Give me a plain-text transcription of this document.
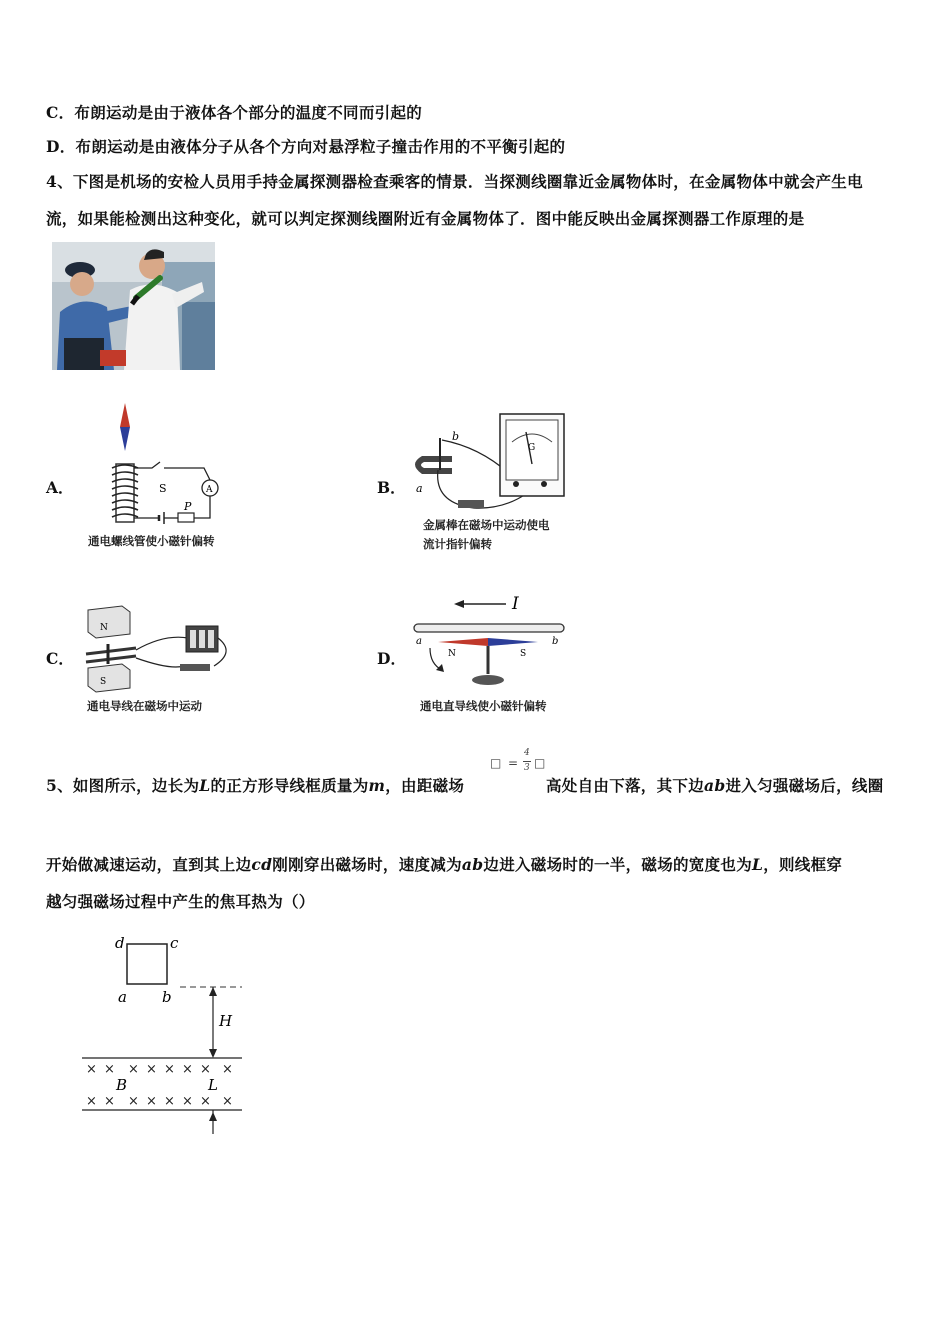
C．布朗运动是由于液体各个部分的温度不同而引起的
D．布朗运动是由液体分子从各个方向对悬浮粒子撞击作用的不平衡引起的
4、下图是机场的安检人员用手持金属探测器检查乘客的情景．当探测线圈靠近金属物体时，在金属物体中就会产生电
流，如果能检测出这种变化，就可以判定探测线圈附近有金属物体了．图中能反映出金属探测器工作原理的是
A．	A
S
P
通电螺线管使小磁针偏转
B．
b
a
G
金属棒在磁场中运动使电
流计指针偏转
C．
N
S
通电导线在磁场中运动
D．
I
a	b
N	S
通电直导线使小磁针偏转
5、如图所示，边长为L的正方形导线框质量为m，由距磁场
□ =
4
3 □
高处自由下落，其下边ab进入匀强磁场后，线圈
开始做减速运动，直到其上边cd刚刚穿出磁场时，速度减为ab边进入磁场时的一半，磁场的宽度也为L，则线框穿
越匀强磁场过程中产生的焦耳热为（）
d	c
a b
H
× × × × × × × ×
× × × × × × × ×
B	L
